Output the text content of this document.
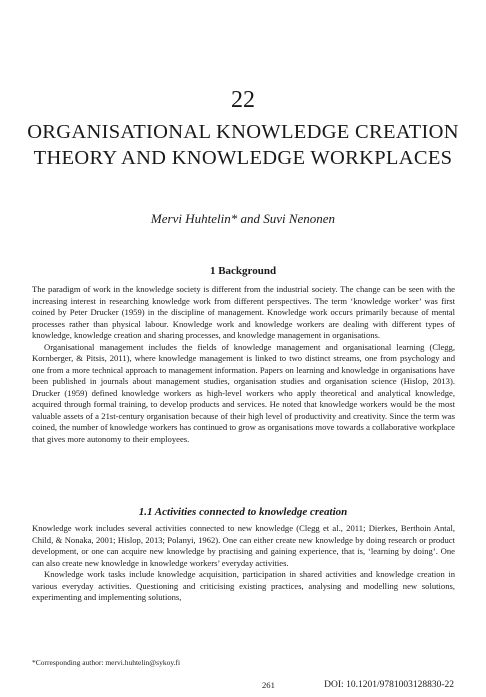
22
ORGANISATIONAL KNOWLEDGE CREATION THEORY AND KNOWLEDGE WORKPLACES
Mervi Huhtelin* and Suvi Nenonen
1 Background

The paradigm of work in the knowledge society is different from the industrial society. The change can be seen with the increasing interest in researching knowledge work from different perspectives. The term ‘knowledge worker’ was first coined by Peter Drucker (1959) in the discipline of management. Knowledge work occurs primarily because of mental processes rather than physical labour. Knowledge work and knowledge workers are dealing with different types of knowledge, knowledge creation and sharing processes, and knowledge management in organisations.

Organisational management includes the fields of knowledge management and organisational learning (Clegg, Kornberger, & Pitsis, 2011), where knowledge management is linked to two distinct streams, one from psychology and one from a more technical approach to management information. Papers on learning and knowledge in organisations have been published in journals about management studies, organisation studies and organisation science (Hislop, 2013). Drucker (1959) defined knowledge workers as high-level workers who apply theoretical and analytical knowledge, acquired through formal training, to develop products and services. He noted that knowledge workers would be the most valuable assets of a 21st-century organisation because of their high level of productivity and creativity. Since the term was coined, the number of knowledge workers has continued to grow as organisations move towards a collaborative workplace that gives more autonomy to their employees.

1.1 Activities connected to knowledge creation

Knowledge work includes several activities connected to new knowledge (Clegg et al., 2011; Dierkes, Berthoin Antal, Child, & Nonaka, 2001; Hislop, 2013; Polanyi, 1962). One can either create new knowledge by doing research or product development, or one can acquire new knowledge by practising and gaining experience, that is, ‘learning by doing’. One can also create new knowledge in knowledge workers’ everyday activities.

Knowledge work tasks include knowledge acquisition, participation in shared activities and knowledge creation in various everyday activities. Questioning and criticising existing practices, analysing and modelling new solutions, experimenting and implementing solutions,

*Corresponding author: mervi.huhtelin@sykoy.fi
261	DOI: 10.1201/9781003128830-22
